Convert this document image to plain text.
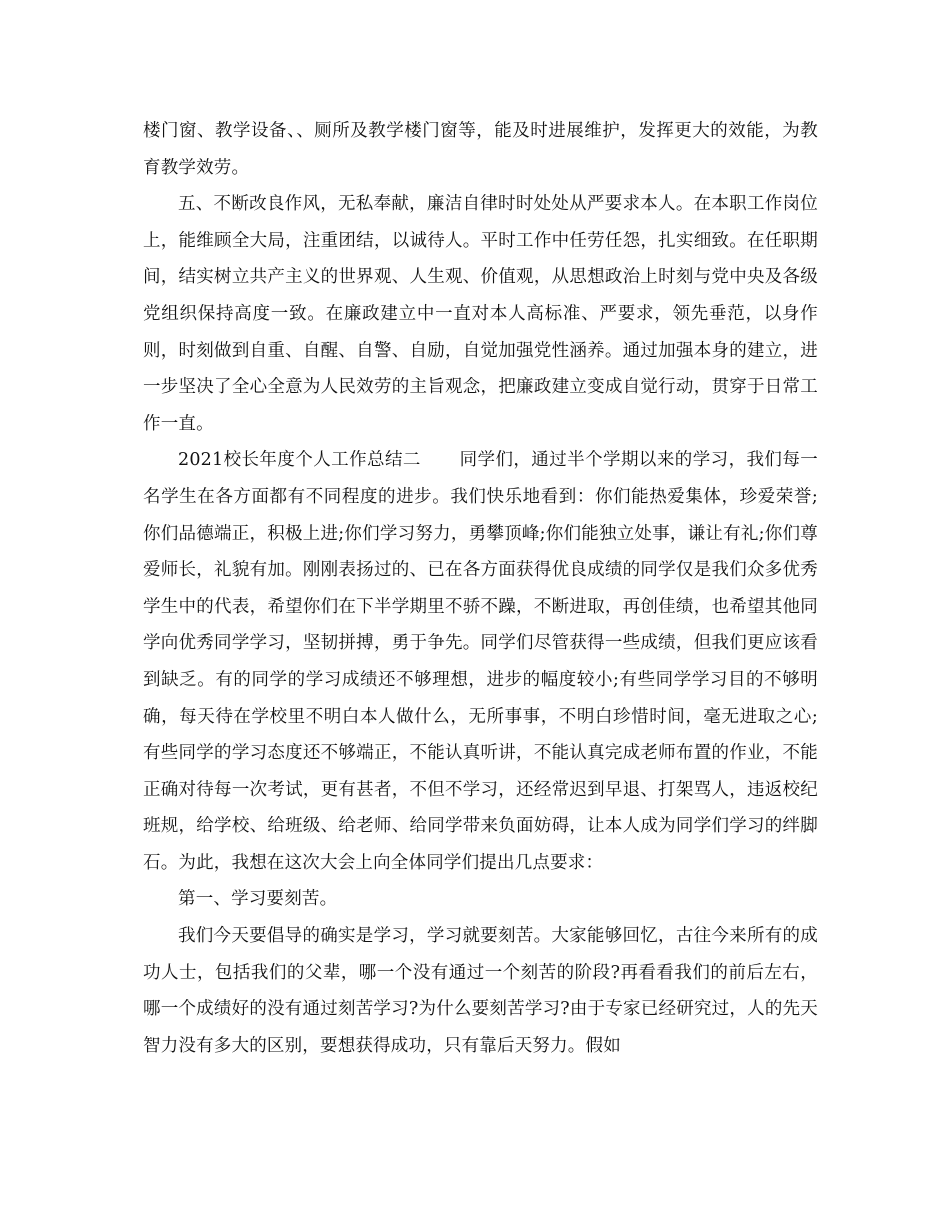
楼门窗、教学设备、、厕所及教学楼门窗等，能及时进展维护，发挥更大的效能，为教育教学效劳。

五、不断改良作风，无私奉献，廉洁自律时时处处从严要求本人。在本职工作岗位上，能维顾全大局，注重团结，以诚待人。平时工作中任劳任怨，扎实细致。在任职期间，结实树立共产主义的世界观、人生观、价值观，从思想政治上时刻与党中央及各级党组织保持高度一致。在廉政建立中一直对本人高标准、严要求，领先垂范，以身作则，时刻做到自重、自醒、自警、自励，自觉加强党性涵养。通过加强本身的建立，进一步坚决了全心全意为人民效劳的主旨观念，把廉政建立变成自觉行动，贯穿于日常工作一直。

2021校长年度个人工作总结二 同学们，通过半个学期以来的学习，我们每一名学生在各方面都有不同程度的进步。我们快乐地看到：你们能热爱集体，珍爱荣誉;你们品德端正，积极上进;你们学习努力，勇攀顶峰;你们能独立处事，谦让有礼;你们尊爱师长，礼貌有加。刚刚表扬过的、已在各方面获得优良成绩的同学仅是我们众多优秀学生中的代表，希望你们在下半学期里不骄不躁，不断进取，再创佳绩，也希望其他同学向优秀同学学习，坚韧拼搏，勇于争先。同学们尽管获得一些成绩，但我们更应该看到缺乏。有的同学的学习成绩还不够理想，进步的幅度较小;有些同学学习目的不够明确，每天待在学校里不明白本人做什么，无所事事，不明白珍惜时间，毫无进取之心;有些同学的学习态度还不够端正，不能认真听讲，不能认真完成老师布置的作业，不能正确对待每一次考试，更有甚者，不但不学习，还经常迟到早退、打架骂人，违返校纪班规，给学校、给班级、给老师、给同学带来负面妨碍，让本人成为同学们学习的绊脚石。为此，我想在这次大会上向全体同学们提出几点要求：

第一、学习要刻苦。

我们今天要倡导的确实是学习，学习就要刻苦。大家能够回忆，古往今来所有的成功人士，包括我们的父辈，哪一个没有通过一个刻苦的阶段?再看看我们的前后左右，哪一个成绩好的没有通过刻苦学习?为什么要刻苦学习?由于专家已经研究过，人的先天智力没有多大的区别，要想获得成功，只有靠后天努力。假如
